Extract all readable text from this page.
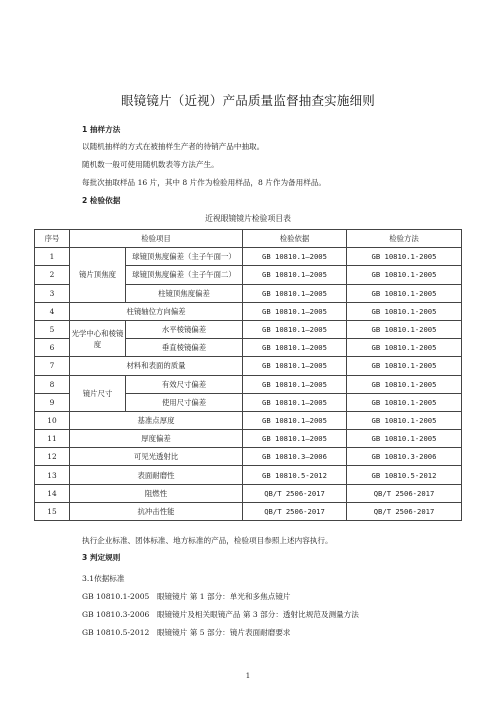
眼镜镜片（近视）产品质量监督抽查实施细则
1 抽样方法
以随机抽样的方式在被抽样生产者的待销产品中抽取。
随机数一般可使用随机数表等方法产生。
每批次抽取样品 16 片，其中 8 片作为检验用样品，8 片作为备用样品。
2 检验依据
近视眼镜镜片检验项目表
序号	检验项目		检验依据	检验方法
1	镜片顶焦度	球镜顶焦度偏差（主子午面一）	GB 10810.1—2005	GB 10810.1-2005
2		球镜顶焦度偏差（主子午面二）	GB 10810.1—2005	GB 10810.1-2005
3		柱镜顶焦度偏差	GB 10810.1—2005	GB 10810.1-2005
4	柱镜轴位方向偏差		GB 10810.1—2005	GB 10810.1-2005
5	光学中心和棱镜度	水平棱镜偏差	GB 10810.1—2005	GB 10810.1-2005
6		垂直棱镜偏差	GB 10810.1—2005	GB 10810.1-2005
7	材料和表面的质量		GB 10810.1—2005	GB 10810.1-2005
8	镜片尺寸	有效尺寸偏差	GB 10810.1—2005	GB 10810.1-2005
9		使用尺寸偏差	GB 10810.1—2005	GB 10810.1-2005
10	基准点厚度		GB 10810.1—2005	GB 10810.1-2005
11	厚度偏差		GB 10810.1—2005	GB 10810.1-2005
12	可见光透射比		GB 10810.3—2006	GB 10810.3-2006
13	表面耐磨性		GB 10810.5-2012	GB 10810.5-2012
14	阻燃性		QB/T 2506-2017	QB/T 2506-2017
15	抗冲击性能		QB/T 2506-2017	QB/T 2506-2017
执行企业标准、团体标准、地方标准的产品，检验项目参照上述内容执行。
3 判定规则
3.1依据标准
GB 10810.1-2005　眼镜镜片 第 1 部分：单光和多焦点镜片
GB 10810.3-2006　眼镜镜片及相关眼镜产品 第 3 部分：透射比规范及测量方法
GB 10810.5-2012　眼镜镜片 第 5 部分：镜片表面耐磨要求
1
